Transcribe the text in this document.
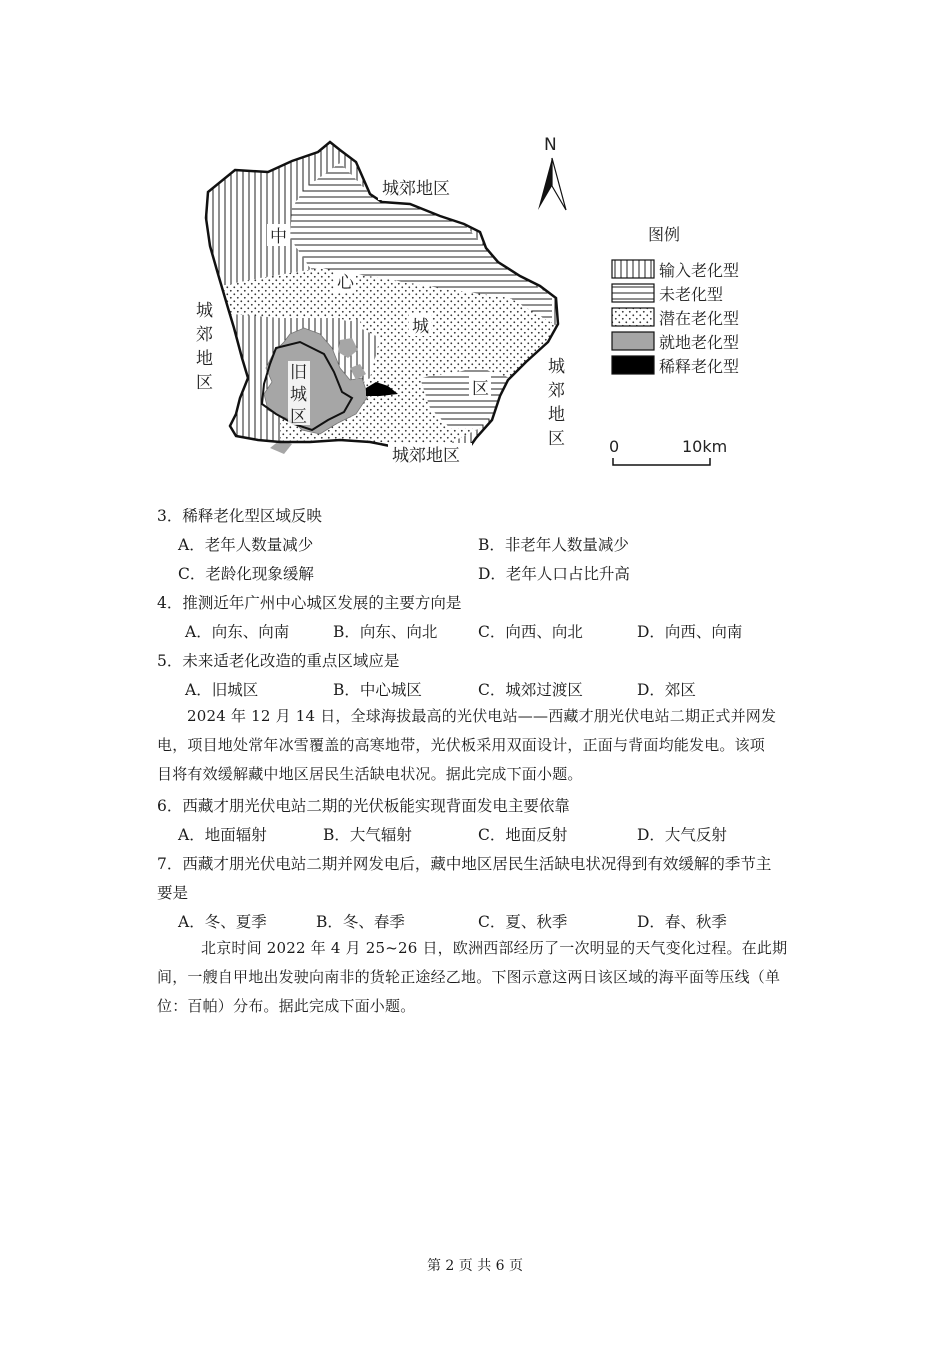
城郊地区
城郊地区
城
郊
地
区
城
郊
地
区
中
心
城
区
旧
城
区
N
图例
输入老化型
未老化型
潜在老化型
就地老化型
稀释老化型
0	10km
3．稀释老化型区域反映
A．老年人数量减少	B．非老年人数量减少
C．老龄化现象缓解	D．老年人口占比升高
4．推测近年广州中心城区发展的主要方向是
A．向东、向南	B．向东、向北	C．向西、向北	D．向西、向南
5．未来适老化改造的重点区域应是
A．旧城区	B．中心城区	C．城郊过渡区	D．郊区
2024 年 12 月 14 日，全球海拔最高的光伏电站——西藏才朋光伏电站二期正式并网发
电，项目地处常年冰雪覆盖的高寒地带，光伏板采用双面设计，正面与背面均能发电。该项
目将有效缓解藏中地区居民生活缺电状况。据此完成下面小题。
6．西藏才朋光伏电站二期的光伏板能实现背面发电主要依靠
A．地面辐射	B．大气辐射	C．地面反射	D．大气反射
7．西藏才朋光伏电站二期并网发电后，藏中地区居民生活缺电状况得到有效缓解的季节主
要是
A．冬、夏季	B．冬、春季	C．夏、秋季	D．春、秋季
北京时间 2022 年 4 月 25~26 日，欧洲西部经历了一次明显的天气变化过程。在此期
间，一艘自甲地出发驶向南非的货轮正途经乙地。下图示意这两日该区域的海平面等压线（单
位：百帕）分布。据此完成下面小题。
第 2 页 共 6 页
